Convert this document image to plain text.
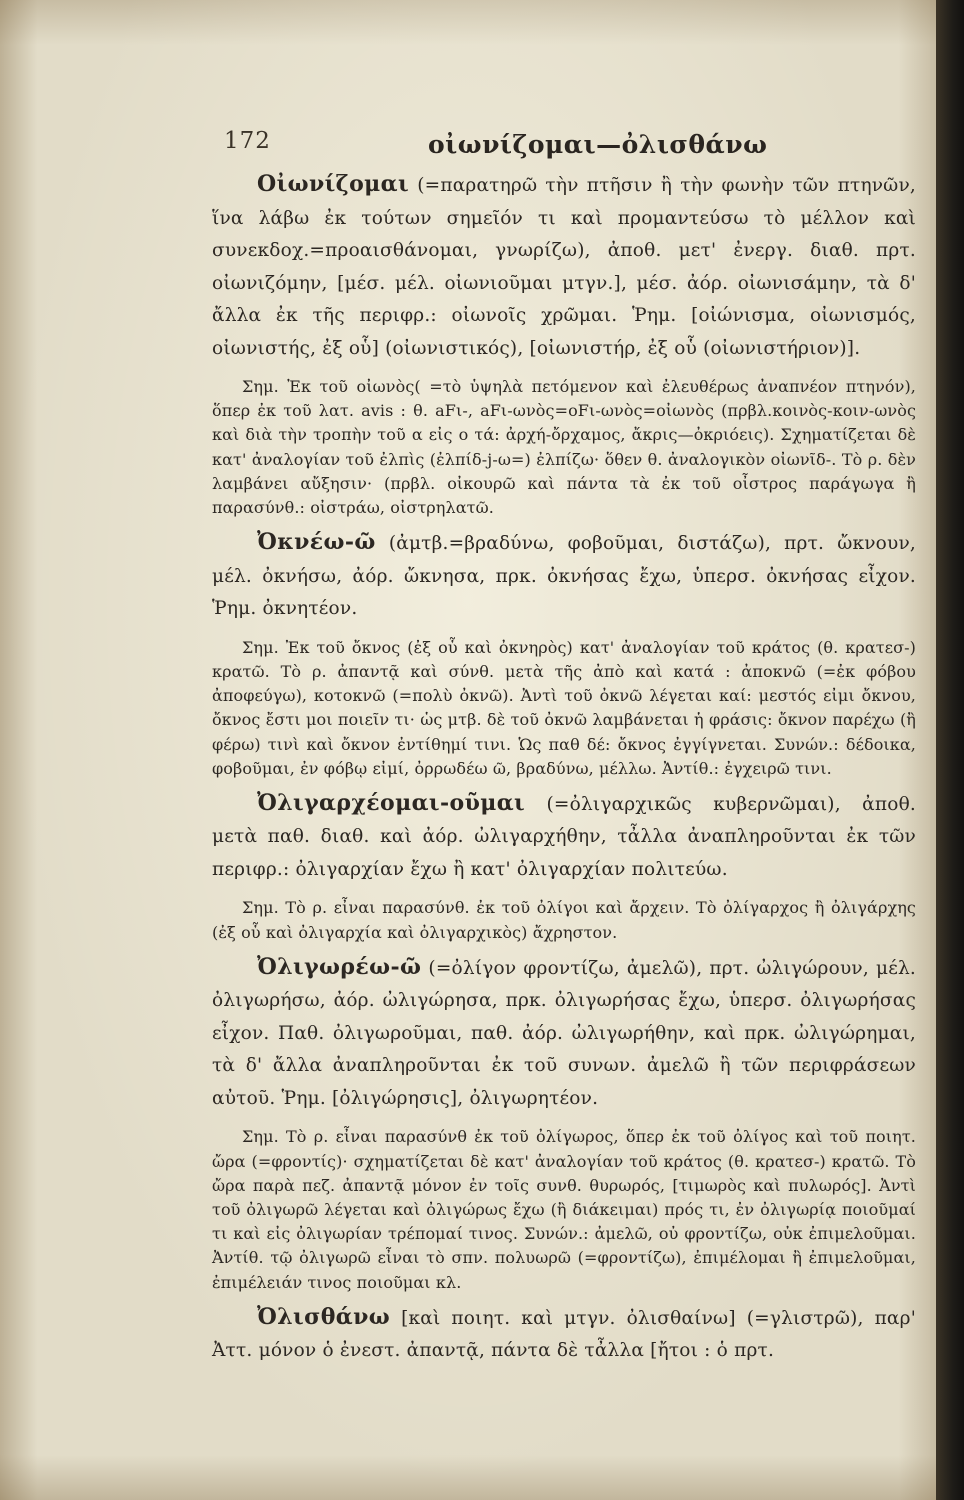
172	οἰωνίζομαι—ὀλισθάνω

Οἰωνίζομαι (=παρατηρῶ τὴν πτῆσιν ἢ τὴν φωνὴν τῶν πτηνῶν, ἵνα λάβω ἐκ τούτων σημεῖόν τι καὶ προμαντεύσω τὸ μέλλον καὶ συνεκδοχ.=προαισθάνομαι, γνωρίζω), ἀποθ. μετ' ἐνεργ. διαθ. πρτ. οἰωνιζόμην, [μέσ. μέλ. οἰωνιοῦμαι μτγν.], μέσ. ἀόρ. οἰωνισάμην, τὰ δ' ἄλλα ἐκ τῆς περιφρ.: οἰωνοῖς χρῶμαι. Ῥημ. [οἰώνισμα, οἰωνισμός, οἰωνιστής, ἐξ οὗ] (οἰωνιστικός), [οἰωνιστήρ, ἐξ οὗ (οἰωνιστήριον)].

Σημ. Ἐκ τοῦ οἰωνὸς( =τὸ ὑψηλὰ πετόμενον καὶ ἐλευθέρως ἀναπνέον πτηνόν), ὅπερ ἐκ τοῦ λατ. avis : θ. aFι-, aFι-ωνὸς=oFι-ωνὸς=οἰωνὸς (πρβλ.κοινὸς-κοιν-ωνὸς καὶ διὰ τὴν τροπὴν τοῦ α εἰς ο τά: ἀρχή-ὄρχαμος, ἄκρις—ὀκριόεις). Σχηματίζεται δὲ κατ' ἀναλογίαν τοῦ ἐλπὶς (ἐλπίδ-j-ω=) ἐλπίζω· ὅθεν θ. ἀναλογικὸν οἰωνῖδ-. Τὸ ρ. δὲν λαμβάνει αὔξησιν· (πρβλ. οἰκουρῶ καὶ πάντα τὰ ἐκ τοῦ οἶστρος παράγωγα ἢ παρασύνθ.: οἰστράω, οἰστρηλατῶ.

Ὀκνέω-ῶ (ἀμτβ.=βραδύνω, φοβοῦμαι, διστάζω), πρτ. ὤκνουν, μέλ. ὀκνήσω, ἀόρ. ὤκνησα, πρκ. ὀκνήσας ἔχω, ὑπερσ. ὀκνήσας εἶχον. Ῥημ. ὀκνητέον.

Σημ. Ἐκ τοῦ ὄκνος (ἐξ οὗ καὶ ὀκνηρὸς) κατ' ἀναλογίαν τοῦ κράτος (θ. κρατεσ-) κρατῶ. Τὸ ρ. ἀπαντᾷ καὶ σύνθ. μετὰ τῆς ἀπὸ καὶ κατά : ἀποκνῶ (=ἐκ φόβου ἀποφεύγω), κοτοκνῶ (=πολὺ ὀκνῶ). Ἀντὶ τοῦ ὀκνῶ λέγεται καί: μεστός εἰμι ὄκνου, ὄκνος ἔστι μοι ποιεῖν τι· ὡς μτβ. δὲ τοῦ ὀκνῶ λαμβάνεται ἡ φράσις: ὄκνον παρέχω (ἢ φέρω) τινὶ καὶ ὄκνον ἐντίθημί τινι. Ὡς παθ δέ: ὄκνος ἐγγίγνεται. Συνών.: δέδοικα, φοβοῦμαι, ἐν φόβῳ εἰμί, ὀρρωδέω ῶ, βραδύνω, μέλλω. Ἀντίθ.: ἐγχειρῶ τινι.

Ὀλιγαρχέομαι-οῦμαι (=ὀλιγαρχικῶς κυβερνῶμαι), ἀποθ. μετὰ παθ. διαθ. καὶ ἀόρ. ὠλιγαρχήθην, τἆλλα ἀναπληροῦνται ἐκ τῶν περιφρ.: ὀλιγαρχίαν ἔχω ἢ κατ' ὀλιγαρχίαν πολιτεύω.

Σημ. Τὸ ρ. εἶναι παρασύνθ. ἐκ τοῦ ὀλίγοι καὶ ἄρχειν. Τὸ ὀλίγαρχος ἢ ὀλιγάρχης (ἐξ οὗ καὶ ὀλιγαρχία καὶ ὀλιγαρχικὸς) ἄχρηστον.

Ὀλιγωρέω-ῶ (=ὀλίγον φροντίζω, ἀμελῶ), πρτ. ὠλιγώρουν, μέλ. ὀλιγωρήσω, ἀόρ. ὠλιγώρησα, πρκ. ὀλιγωρήσας ἔχω, ὑπερσ. ὀλιγωρήσας εἶχον. Παθ. ὀλιγωροῦμαι, παθ. ἀόρ. ὠλιγωρήθην, καὶ πρκ. ὠλιγώρημαι, τὰ δ' ἄλλα ἀναπληροῦνται ἐκ τοῦ συνων. ἀμελῶ ἢ τῶν περιφράσεων αὐτοῦ. Ῥημ. [ὀλιγώρησις], ὀλιγωρητέον.

Σημ. Τὸ ρ. εἶναι παρασύνθ ἐκ τοῦ ὀλίγωρος, ὅπερ ἐκ τοῦ ὀλίγος καὶ τοῦ ποιητ. ὤρα (=φροντίς)· σχηματίζεται δὲ κατ' ἀναλογίαν τοῦ κράτος (θ. κρατεσ-) κρατῶ. Τὸ ὤρα παρὰ πεζ. ἀπαντᾷ μόνον ἐν τοῖς συνθ. θυρωρός, [τιμωρὸς καὶ πυλωρός]. Ἀντὶ τοῦ ὀλιγωρῶ λέγεται καὶ ὀλιγώρως ἔχω (ἢ διάκειμαι) πρός τι, ἐν ὀλιγωρίᾳ ποιοῦμαί τι καὶ εἰς ὀλιγωρίαν τρέπομαί τινος. Συνών.: ἀμελῶ, οὐ φροντίζω, οὐκ ἐπιμελοῦμαι. Ἀντίθ. τῷ ὀλιγωρῶ εἶναι τὸ σπν. πολυωρῶ (=φροντίζω), ἐπιμέλομαι ἢ ἐπιμελοῦμαι, ἐπιμέλειάν τινος ποιοῦμαι κλ.

Ὀλισθάνω [καὶ ποιητ. καὶ μτγν. ὀλισθαίνω] (=γλιστρῶ), παρ' Ἀττ. μόνον ὁ ἐνεστ. ἀπαντᾷ, πάντα δὲ τἆλλα [ἤτοι : ὁ πρτ.
